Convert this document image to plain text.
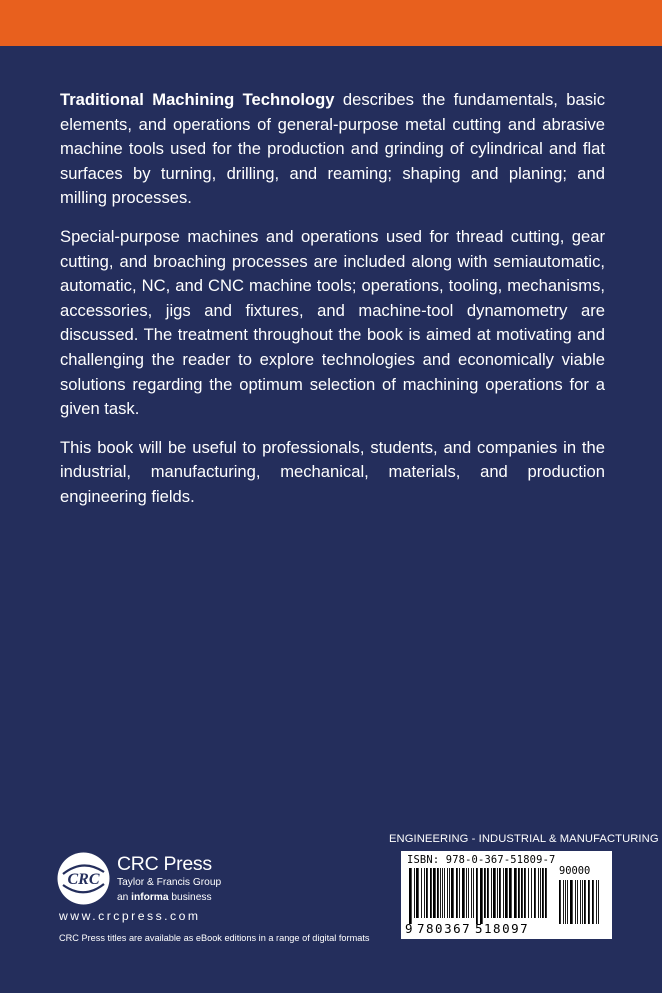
Traditional Machining Technology describes the fundamentals, basic elements, and operations of general-purpose metal cutting and abrasive machine tools used for the production and grinding of cylindrical and flat surfaces by turning, drilling, and reaming; shaping and planing; and milling processes.

Special-purpose machines and operations used for thread cutting, gear cutting, and broaching processes are included along with semiautomatic, automatic, NC, and CNC machine tools; operations, tooling, mechanisms, accessories, jigs and fixtures, and machine-tool dynamometry are discussed. The treatment throughout the book is aimed at motivating and challenging the reader to explore technologies and economically viable solutions regarding the optimum selection of machining operations for a given task.

This book will be useful to professionals, students, and companies in the industrial, manufacturing, mechanical, materials, and production engineering fields.

ENGINEERING - INDUSTRIAL & MANUFACTURING
ISBN: 978-0-367-51809-7
90000
9 780367 518097
CRC
CRC Press
Taylor & Francis Group
an informa business
www.crcpress.com
CRC Press titles are available as eBook editions in a range of digital formats
